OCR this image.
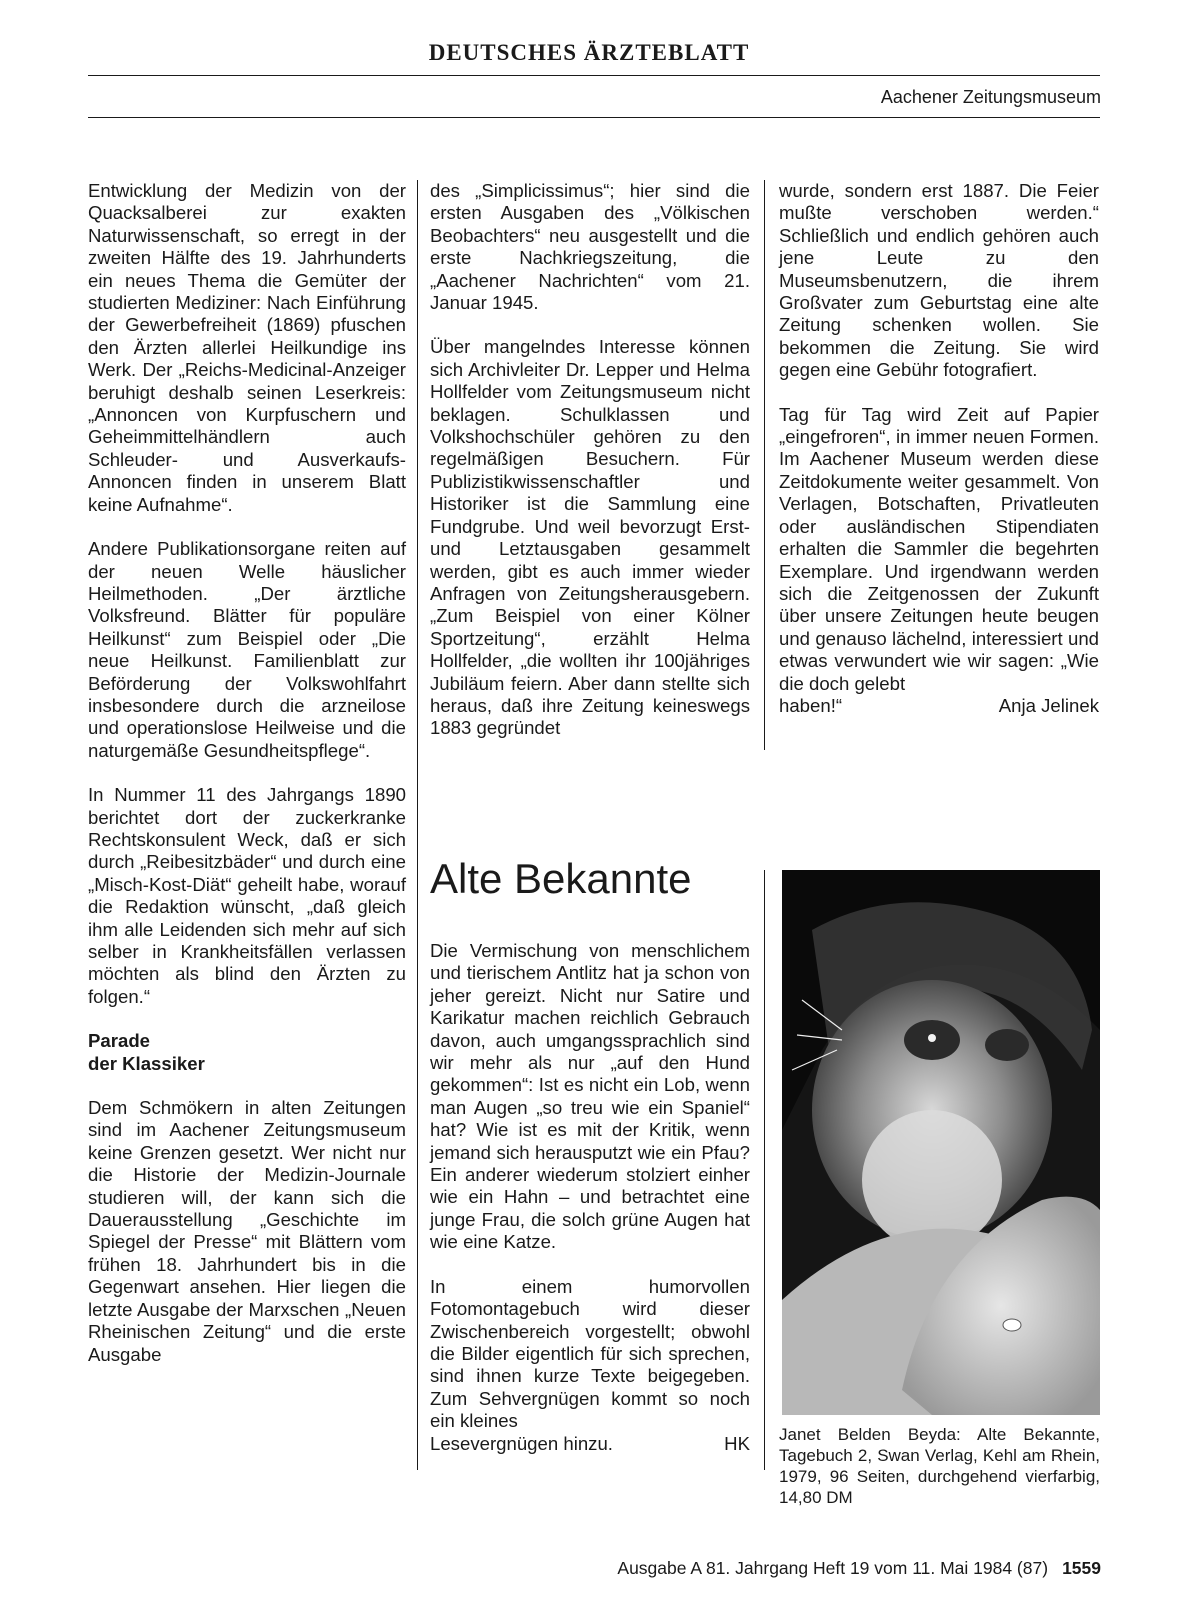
DEUTSCHES ÄRZTEBLATT
Aachener Zeitungsmuseum

Entwicklung der Medizin von der Quacksalberei zur exakten Naturwissenschaft, so erregt in der zweiten Hälfte des 19. Jahrhunderts ein neues Thema die Gemüter der studierten Mediziner: Nach Einführung der Gewerbefreiheit (1869) pfuschen den Ärzten allerlei Heilkundige ins Werk. Der „Reichs-Medicinal-Anzeiger beruhigt deshalb seinen Leserkreis: „Annoncen von Kurpfuschern und Geheimmittelhändlern auch Schleuder- und Ausverkaufs-Annoncen finden in unserem Blatt keine Aufnahme“.

Andere Publikationsorgane reiten auf der neuen Welle häuslicher Heilmethoden. „Der ärztliche Volksfreund. Blätter für populäre Heilkunst“ zum Beispiel oder „Die neue Heilkunst. Familienblatt zur Beförderung der Volkswohlfahrt insbesondere durch die arzneilose und operationslose Heilweise und die naturgemäße Gesundheitspflege“.

In Nummer 11 des Jahrgangs 1890 berichtet dort der zuckerkranke Rechtskonsulent Weck, daß er sich durch „Reibesitzbäder“ und durch eine „Misch-Kost-Diät“ geheilt habe, worauf die Redaktion wünscht, „daß gleich ihm alle Leidenden sich mehr auf sich selber in Krankheitsfällen verlassen möchten als blind den Ärzten zu folgen.“

Parade
der Klassiker

Dem Schmökern in alten Zeitungen sind im Aachener Zeitungsmuseum keine Grenzen gesetzt. Wer nicht nur die Historie der Medizin-Journale studieren will, der kann sich die Dauerausstellung „Geschichte im Spiegel der Presse“ mit Blättern vom frühen 18. Jahrhundert bis in die Gegenwart ansehen. Hier liegen die letzte Ausgabe der Marxschen „Neuen Rheinischen Zeitung“ und die erste Ausgabe

des „Simplicissimus“; hier sind die ersten Ausgaben des „Völkischen Beobachters“ neu ausgestellt und die erste Nachkriegszeitung, die „Aachener Nachrichten“ vom 21. Januar 1945.

Über mangelndes Interesse können sich Archivleiter Dr. Lepper und Helma Hollfelder vom Zeitungsmuseum nicht beklagen. Schulklassen und Volkshochschüler gehören zu den regelmäßigen Besuchern. Für Publizistikwissenschaftler und Historiker ist die Sammlung eine Fundgrube. Und weil bevorzugt Erst- und Letztausgaben gesammelt werden, gibt es auch immer wieder Anfragen von Zeitungsherausgebern. „Zum Beispiel von einer Kölner Sportzeitung“, erzählt Helma Hollfelder, „die wollten ihr 100jähriges Jubiläum feiern. Aber dann stellte sich heraus, daß ihre Zeitung keineswegs 1883 gegründet

wurde, sondern erst 1887. Die Feier mußte verschoben werden.“ Schließlich und endlich gehören auch jene Leute zu den Museumsbenutzern, die ihrem Großvater zum Geburtstag eine alte Zeitung schenken wollen. Sie bekommen die Zeitung. Sie wird gegen eine Gebühr fotografiert.

Tag für Tag wird Zeit auf Papier „eingefroren“, in immer neuen Formen. Im Aachener Museum werden diese Zeitdokumente weiter gesammelt. Von Verlagen, Botschaften, Privatleuten oder ausländischen Stipendiaten erhalten die Sammler die begehrten Exemplare. Und irgendwann werden sich die Zeitgenossen der Zukunft über unsere Zeitungen heute beugen und genauso lächelnd, interessiert und etwas verwundert wie wir sagen: „Wie die doch gelebt

haben!“	Anja Jelinek
Alte Bekannte

Die Vermischung von menschlichem und tierischem Antlitz hat ja schon von jeher gereizt. Nicht nur Satire und Karikatur machen reichlich Gebrauch davon, auch umgangssprachlich sind wir mehr als nur „auf den Hund gekommen“: Ist es nicht ein Lob, wenn man Augen „so treu wie ein Spaniel“ hat? Wie ist es mit der Kritik, wenn jemand sich herausputzt wie ein Pfau? Ein anderer wiederum stolziert einher wie ein Hahn – und betrachtet eine junge Frau, die solch grüne Augen hat wie eine Katze.

In einem humorvollen Fotomontagebuch wird dieser Zwischenbereich vorgestellt; obwohl die Bilder eigentlich für sich sprechen, sind ihnen kurze Texte beigegeben. Zum Sehvergnügen kommt so noch ein kleines

Lesevergnügen hinzu.	HK Janet Belden Beyda: Alte Bekannte, Tagebuch 2, Swan Verlag, Kehl am Rhein, 1979, 96 Seiten, durchgehend vierfarbig, 14,80 DM
Ausgabe A 81. Jahrgang Heft 19 vom 11. Mai 1984 (87) 1559
